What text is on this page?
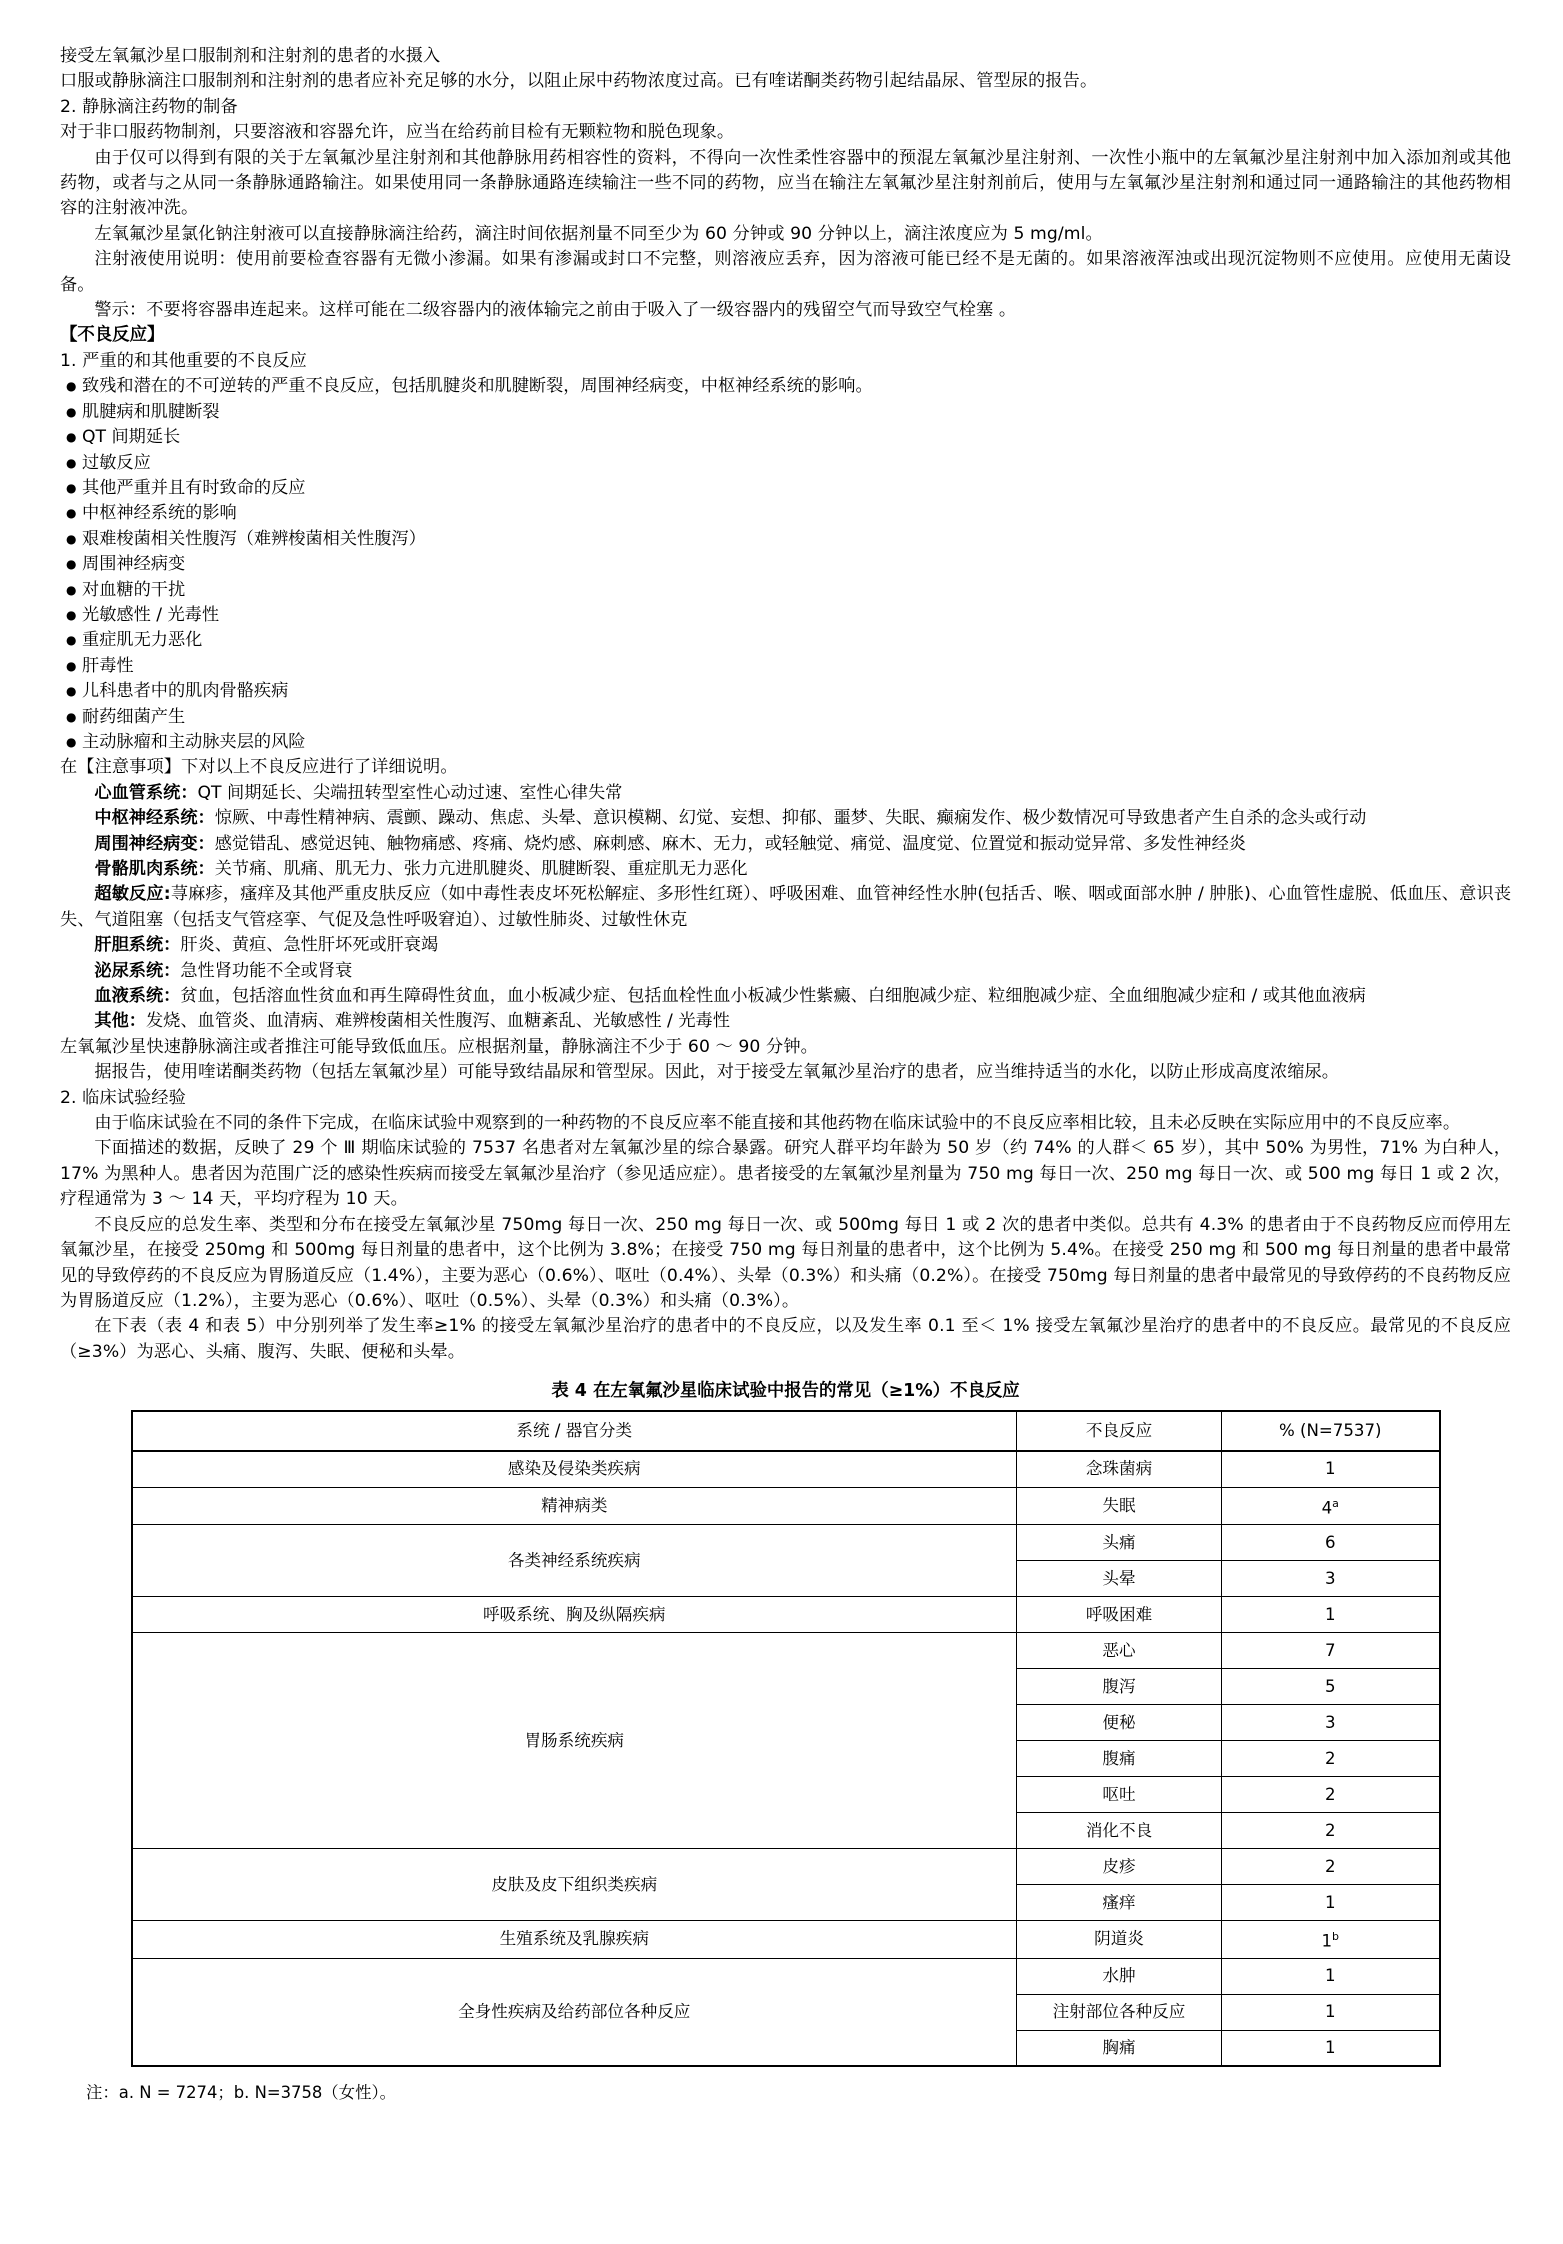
接受左氧氟沙星口服制剂和注射剂的患者的水摄入
口服或静脉滴注口服制剂和注射剂的患者应补充足够的水分，以阻止尿中药物浓度过高。已有喹诺酮类药物引起结晶尿、管型尿的报告。
2. 静脉滴注药物的制备
对于非口服药物制剂，只要溶液和容器允许，应当在给药前目检有无颗粒物和脱色现象。
由于仅可以得到有限的关于左氧氟沙星注射剂和其他静脉用药相容性的资料，不得向一次性柔性容器中的预混左氧氟沙星注射剂、一次性小瓶中的左氧氟沙星注射剂中加入添加剂或其他药物，或者与之从同一条静脉通路输注。如果使用同一条静脉通路连续输注一些不同的药物，应当在输注左氧氟沙星注射剂前后，使用与左氧氟沙星注射剂和通过同一通路输注的其他药物相容的注射液冲洗。
左氧氟沙星氯化钠注射液可以直接静脉滴注给药，滴注时间依据剂量不同至少为 60 分钟或 90 分钟以上，滴注浓度应为 5 mg/ml。
注射液使用说明：使用前要检查容器有无微小渗漏。如果有渗漏或封口不完整，则溶液应丢弃，因为溶液可能已经不是无菌的。如果溶液浑浊或出现沉淀物则不应使用。应使用无菌设备。
警示：不要将容器串连起来。这样可能在二级容器内的液体输完之前由于吸入了一级容器内的残留空气而导致空气栓塞 。
【不良反应】
1. 严重的和其他重要的不良反应
● 致残和潜在的不可逆转的严重不良反应，包括肌腱炎和肌腱断裂，周围神经病变，中枢神经系统的影响。
● 肌腱病和肌腱断裂
● QT 间期延长
● 过敏反应
● 其他严重并且有时致命的反应
● 中枢神经系统的影响
● 艰难梭菌相关性腹泻（难辨梭菌相关性腹泻）
● 周围神经病变
● 对血糖的干扰
● 光敏感性 / 光毒性
● 重症肌无力恶化
● 肝毒性
● 儿科患者中的肌肉骨骼疾病
● 耐药细菌产生
● 主动脉瘤和主动脉夹层的风险
在【注意事项】下对以上不良反应进行了详细说明。
心血管系统：QT 间期延长、尖端扭转型室性心动过速、室性心律失常
中枢神经系统：惊厥、中毒性精神病、震颤、躁动、焦虑、头晕、意识模糊、幻觉、妄想、抑郁、噩梦、失眠、癫痫发作、极少数情况可导致患者产生自杀的念头或行动
周围神经病变：感觉错乱、感觉迟钝、触物痛感、疼痛、烧灼感、麻刺感、麻木、无力，或轻触觉、痛觉、温度觉、位置觉和振动觉异常、多发性神经炎
骨骼肌肉系统：关节痛、肌痛、肌无力、张力亢进肌腱炎、肌腱断裂、重症肌无力恶化
超敏反应:荨麻疹，瘙痒及其他严重皮肤反应（如中毒性表皮坏死松解症、多形性红斑）、呼吸困难、血管神经性水肿(包括舌、喉、咽或面部水肿 / 肿胀)、心血管性虚脱、低血压、意识丧失、气道阻塞（包括支气管痉挛、气促及急性呼吸窘迫）、过敏性肺炎、过敏性休克
肝胆系统：肝炎、黄疸、急性肝坏死或肝衰竭
泌尿系统：急性肾功能不全或肾衰
血液系统：贫血，包括溶血性贫血和再生障碍性贫血，血小板减少症、包括血栓性血小板减少性紫癜、白细胞减少症、粒细胞减少症、全血细胞减少症和 / 或其他血液病
其他：发烧、血管炎、血清病、难辨梭菌相关性腹泻、血糖紊乱、光敏感性 / 光毒性
左氧氟沙星快速静脉滴注或者推注可能导致低血压。应根据剂量，静脉滴注不少于 60 ～ 90 分钟。
据报告，使用喹诺酮类药物（包括左氧氟沙星）可能导致结晶尿和管型尿。因此，对于接受左氧氟沙星治疗的患者，应当维持适当的水化，以防止形成高度浓缩尿。
2. 临床试验经验
由于临床试验在不同的条件下完成，在临床试验中观察到的一种药物的不良反应率不能直接和其他药物在临床试验中的不良反应率相比较，且未必反映在实际应用中的不良反应率。
下面描述的数据，反映了 29 个 Ⅲ 期临床试验的 7537 名患者对左氧氟沙星的综合暴露。研究人群平均年龄为 50 岁（约 74% 的人群＜ 65 岁），其中 50% 为男性，71% 为白种人，17% 为黑种人。患者因为范围广泛的感染性疾病而接受左氧氟沙星治疗（参见适应症）。患者接受的左氧氟沙星剂量为 750 mg 每日一次、250 mg 每日一次、或 500 mg 每日 1 或 2 次，疗程通常为 3 ～ 14 天，平均疗程为 10 天。
不良反应的总发生率、类型和分布在接受左氧氟沙星 750mg 每日一次、250 mg 每日一次、或 500mg 每日 1 或 2 次的患者中类似。总共有 4.3% 的患者由于不良药物反应而停用左氧氟沙星，在接受 250mg 和 500mg 每日剂量的患者中，这个比例为 3.8%；在接受 750 mg 每日剂量的患者中，这个比例为 5.4%。在接受 250 mg 和 500 mg 每日剂量的患者中最常见的导致停药的不良反应为胃肠道反应（1.4%），主要为恶心（0.6%）、呕吐（0.4%）、头晕（0.3%）和头痛（0.2%）。在接受 750mg 每日剂量的患者中最常见的导致停药的不良药物反应为胃肠道反应（1.2%），主要为恶心（0.6%）、呕吐（0.5%）、头晕（0.3%）和头痛（0.3%）。
在下表（表 4 和表 5）中分别列举了发生率≥1% 的接受左氧氟沙星治疗的患者中的不良反应，以及发生率 0.1 至＜ 1% 接受左氧氟沙星治疗的患者中的不良反应。最常见的不良反应（≥3%）为恶心、头痛、腹泻、失眠、便秘和头晕。
表 4 在左氧氟沙星临床试验中报告的常见（≥1%）不良反应
系统 / 器官分类	不良反应	% (N=7537)
感染及侵染类疾病	念珠菌病	1
精神病类	失眠	4$^a$
各类神经系统疾病	头痛	6
	头晕	3
呼吸系统、胸及纵隔疾病	呼吸困难	1
胃肠系统疾病	恶心	7
	腹泻	5
	便秘	3
	腹痛	2
	呕吐	2
	消化不良	2
皮肤及皮下组织类疾病	皮疹	2
	瘙痒	1
生殖系统及乳腺疾病	阴道炎	1$^b$
全身性疾病及给药部位各种反应	水肿	1
	注射部位各种反应	1
	胸痛	1
注：a. N = 7274；b. N=3758（女性）。
